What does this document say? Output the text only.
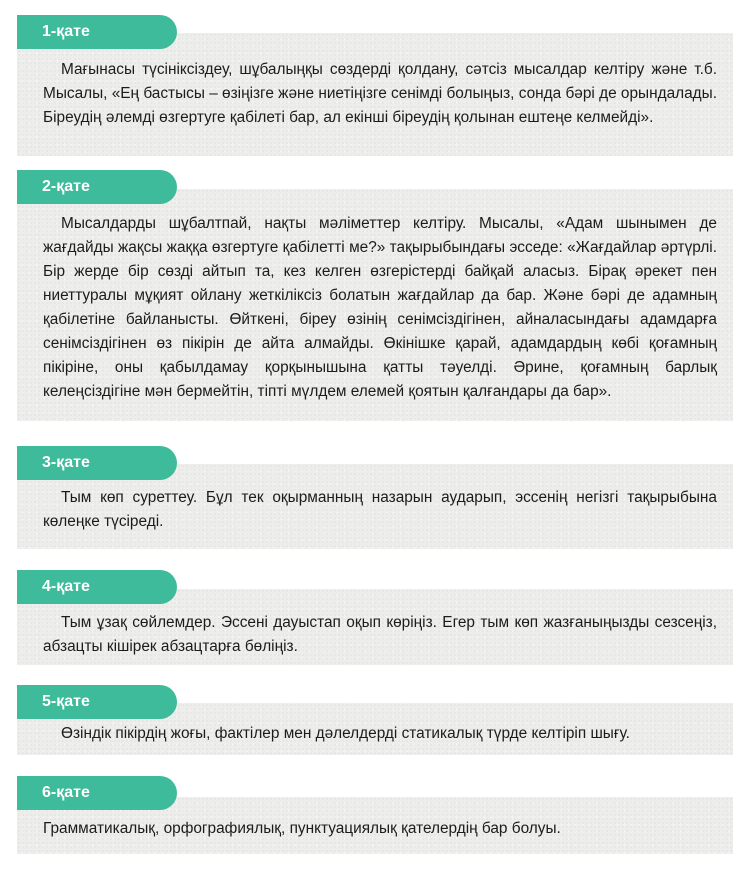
1-қате

Мағынасы түсініксіздеу, шұбалыңқы сөздерді қолдану, сәтсіз мысалдар келтіру және т.б. Мысалы, «Ең бастысы – өзіңізге және ниетіңізге сенімді болыңыз, сонда бәрі де орындалады. Біреудің әлемді өзгертуге қабілеті бар, ал екінші біреудің қолынан ештеңе келмейді».

2-қате

Мысалдарды шұбалтпай, нақты мәліметтер келтіру. Мысалы, «Адам шынымен де жағдайды жақсы жаққа өзгертуге қабілетті ме?» тақырыбындағы эсседе: «Жағдайлар әртүрлі. Бір жерде бір сөзді айтып та, кез келген өзгерістерді байқай аласыз. Бірақ әрекет пен ниеттуралы мұқият ойлану жеткіліксіз болатын жағдайлар да бар. Және бәрі де адамның қабілетіне байланысты. Өйткені, біреу өзінің сенімсіздігінен, айналасындағы адамдарға сенімсіздігінен өз пікірін де айта алмайды. Өкінішке қарай, адамдардың көбі қоғамның пікіріне, оны қабылдамау қорқынышына қатты тәуелді. Әрине, қоғамның барлық келеңсіздігіне мән бермейтін, тіпті мүлдем елемей қоятын қалғандары да бар».

3-қате

Тым көп суреттеу. Бұл тек оқырманның назарын аударып, эссенің негізгі тақырыбына көлеңке түсіреді.

4-қате

Тым ұзақ сөйлемдер. Эссені дауыстап оқып көріңіз. Егер тым көп жазғаныңызды сезсеңіз, абзацты кішірек абзацтарға бөліңіз.

5-қате

Өзіндік пікірдің жоғы, фактілер мен дәлелдерді статикалық түрде келтіріп шығу.

6-қате

Грамматикалық, орфографиялық, пунктуациялық қателердің бар болуы.
